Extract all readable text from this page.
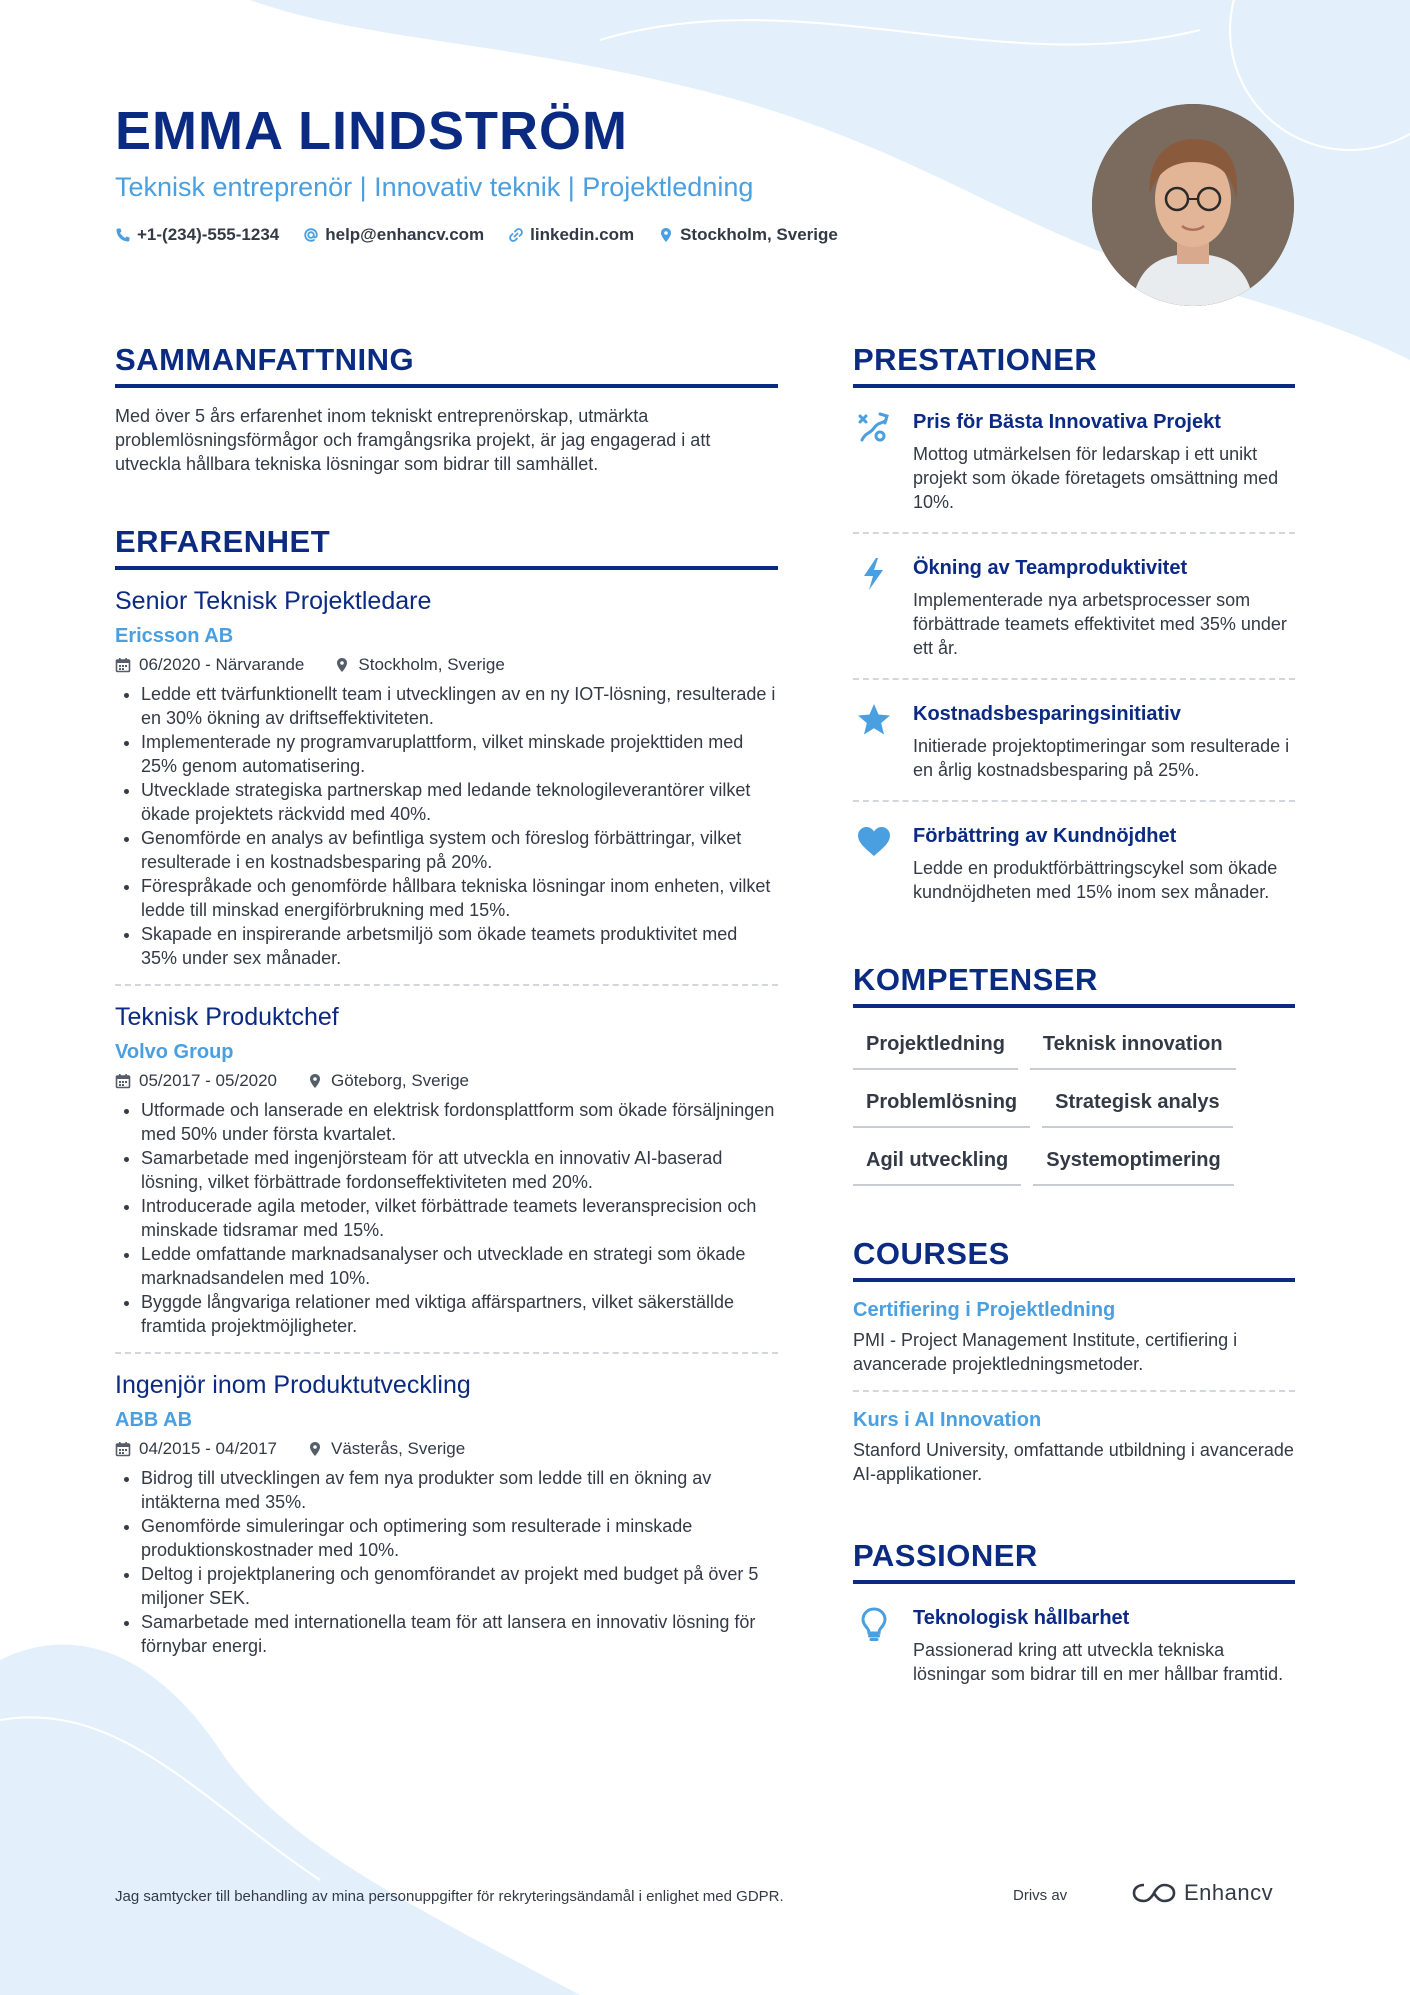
EMMA LINDSTRÖM

Teknisk entreprenör | Innovativ teknik | Projektledning

+1-(234)-555-1234	help@enhancv.com	linkedin.com	Stockholm, Sverige
SAMMANFATTNING

Med över 5 års erfarenhet inom tekniskt entreprenörskap, utmärkta problemlösningsförmågor och framgångsrika projekt, är jag engagerad i att utveckla hållbara tekniska lösningar som bidrar till samhället.

ERFARENHET

Senior Teknisk Projektledare

Ericsson AB
06/2020 - Närvarande	Stockholm, Sverige
• Ledde ett tvärfunktionellt team i utvecklingen av en ny IOT-lösning, resulterade i en 30% ökning av driftseffektiviteten.
• Implementerade ny programvaruplattform, vilket minskade projekttiden med 25% genom automatisering.
• Utvecklade strategiska partnerskap med ledande teknologileverantörer vilket ökade projektets räckvidd med 40%.
• Genomförde en analys av befintliga system och föreslog förbättringar, vilket resulterade i en kostnadsbesparing på 20%.
• Förespråkade och genomförde hållbara tekniska lösningar inom enheten, vilket ledde till minskad energiförbrukning med 15%.
• Skapade en inspirerande arbetsmiljö som ökade teamets produktivitet med 35% under sex månader.

Teknisk Produktchef

Volvo Group
05/2017 - 05/2020	Göteborg, Sverige
• Utformade och lanserade en elektrisk fordonsplattform som ökade försäljningen med 50% under första kvartalet.
• Samarbetade med ingenjörsteam för att utveckla en innovativ AI-baserad lösning, vilket förbättrade fordonseffektiviteten med 20%.
• Introducerade agila metoder, vilket förbättrade teamets leveransprecision och minskade tidsramar med 15%.
• Ledde omfattande marknadsanalyser och utvecklade en strategi som ökade marknadsandelen med 10%.
• Byggde långvariga relationer med viktiga affärspartners, vilket säkerställde framtida projektmöjligheter.

Ingenjör inom Produktutveckling

ABB AB
04/2015 - 04/2017	Västerås, Sverige
• Bidrog till utvecklingen av fem nya produkter som ledde till en ökning av intäkterna med 35%.
• Genomförde simuleringar och optimering som resulterade i minskade produktionskostnader med 10%.
• Deltog i projektplanering och genomförandet av projekt med budget på över 5 miljoner SEK.
• Samarbetade med internationella team för att lansera en innovativ lösning för förnybar energi.
PRESTATIONER

Pris för Bästa Innovativa Projekt

Mottog utmärkelsen för ledarskap i ett unikt projekt som ökade företagets omsättning med 10%.

Ökning av Teamproduktivitet

Implementerade nya arbetsprocesser som förbättrade teamets effektivitet med 35% under ett år.

Kostnadsbesparingsinitiativ

Initierade projektoptimeringar som resulterade i en årlig kostnadsbesparing på 25%.

Förbättring av Kundnöjdhet

Ledde en produktförbättringscykel som ökade kundnöjdheten med 15% inom sex månader.

KOMPETENSER
Projektledning	Teknisk innovation
Problemlösning	Strategisk analys
Agil utveckling	Systemoptimering
COURSES

Certifiering i Projektledning

PMI - Project Management Institute, certifiering i avancerade projektledningsmetoder.

Kurs i AI Innovation

Stanford University, omfattande utbildning i avancerade AI-applikationer.

PASSIONER

Teknologisk hållbarhet

Passionerad kring att utveckla tekniska lösningar som bidrar till en mer hållbar framtid.

Jag samtycker till behandling av mina personuppgifter för rekryteringsändamål i enlighet med GDPR.	Drivs av	Enhancv
